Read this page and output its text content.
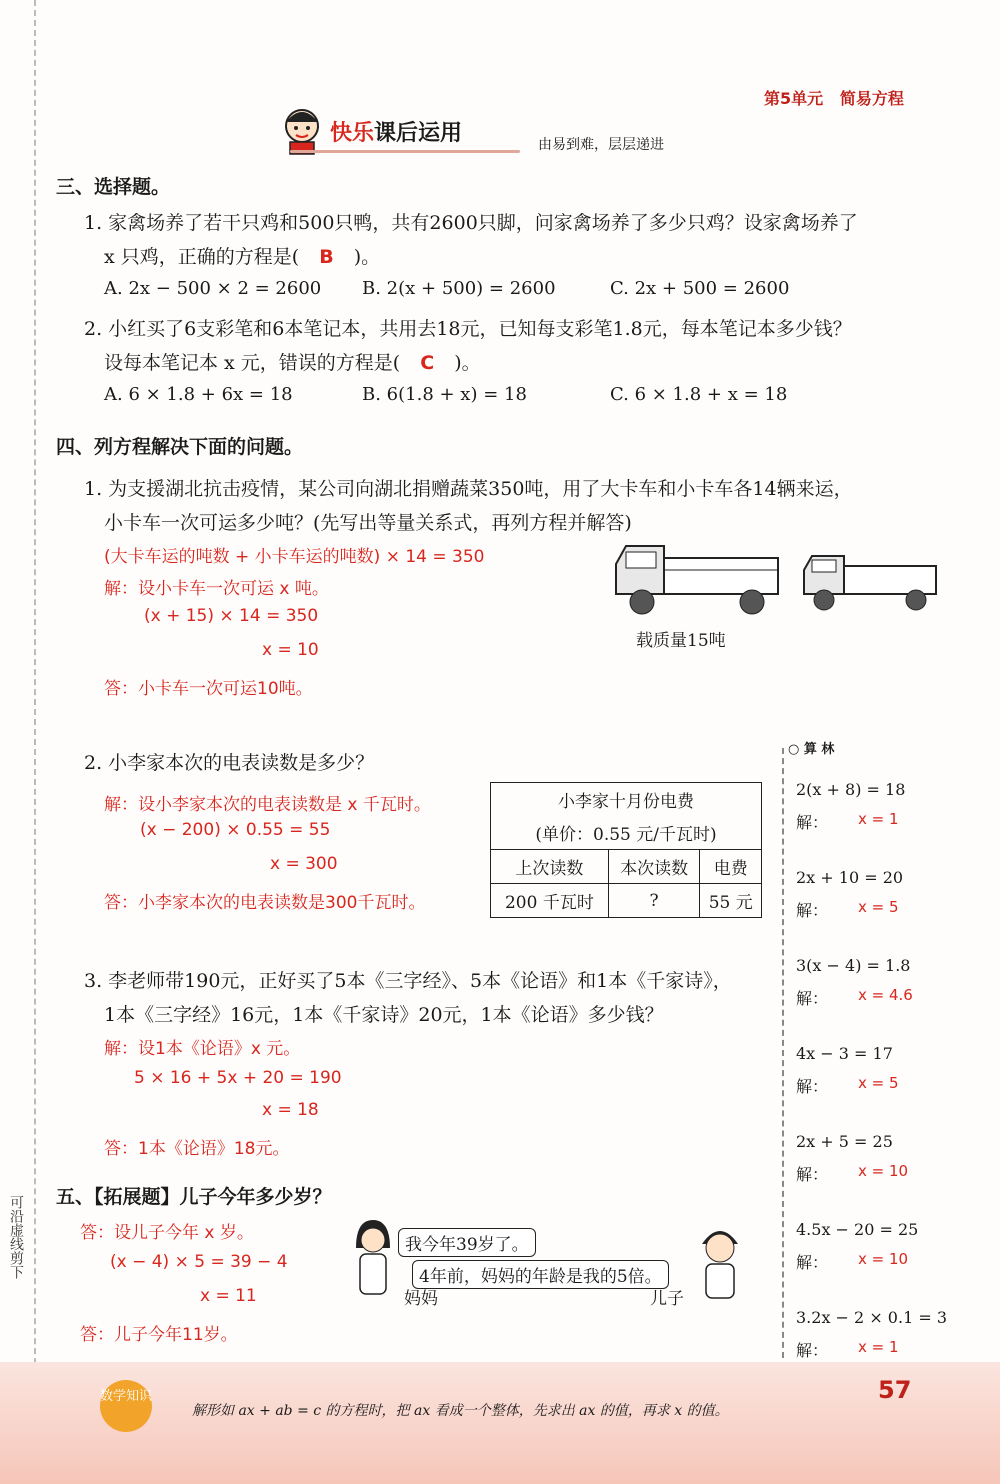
可沿虚线剪下
第5单元 简易方程
快乐课后运用	由易到难，层层递进
三、选择题。
1. 家禽场养了若干只鸡和500只鸭，共有2600只脚，问家禽场养了多少只鸡？设家禽场养了
x 只鸡，正确的方程是( B )。
A. 2x − 500 × 2 = 2600 B. 2(x + 500) = 2600	C. 2x + 500 = 2600
2. 小红买了6支彩笔和6本笔记本，共用去18元，已知每支彩笔1.8元，每本笔记本多少钱？
设每本笔记本 x 元，错误的方程是( C )。
A. 6 × 1.8 + 6x = 18	B. 6(1.8 + x) = 18	C. 6 × 1.8 + x = 18
四、列方程解决下面的问题。
1. 为支援湖北抗击疫情，某公司向湖北捐赠蔬菜350吨，用了大卡车和小卡车各14辆来运，
小卡车一次可运多少吨？(先写出等量关系式，再列方程并解答)
(大卡车运的吨数 + 小卡车运的吨数) × 14 = 350
解：设小卡车一次可运 x 吨。
(x + 15) × 14 = 350
x = 10
答：小卡车一次可运10吨。
载质量15吨
2. 小李家本次的电表读数是多少？
解：设小李家本次的电表读数是 x 千瓦时。
(x − 200) × 0.55 = 55
x = 300
答：小李家本次的电表读数是300千瓦时。
小李家十月份电费		
(单价：0.55 元/千瓦时)		
上次读数	本次读数	电费
200 千瓦时	?	55 元
3. 李老师带190元，正好买了5本《三字经》、5本《论语》和1本《千家诗》，
1本《三字经》16元，1本《千家诗》20元，1本《论语》多少钱？
解：设1本《论语》x 元。
5 × 16 + 5x + 20 = 190
x = 18
答：1本《论语》18元。
五、【拓展题】儿子今年多少岁？
答：设儿子今年 x 岁。
(x − 4) × 5 = 39 − 4
x = 11
答：儿子今年11岁。
我今年39岁了。
4年前，妈妈的年龄是我的5倍。
妈妈	儿子
○ 算 林
2(x + 8) = 18
解： x = 1
2x + 10 = 20
解： x = 5
3(x − 4) = 1.8
解： x = 4.6
4x − 3 = 17
解： x = 5
2x + 5 = 25
解： x = 10
4.5x − 20 = 25
解： x = 10
3.2x − 2 × 0.1 = 3
解： x = 1
数学知识
解形如 ax + ab = c 的方程时，把 ax 看成一个整体，先求出 ax 的值，再求 x 的值。
57
